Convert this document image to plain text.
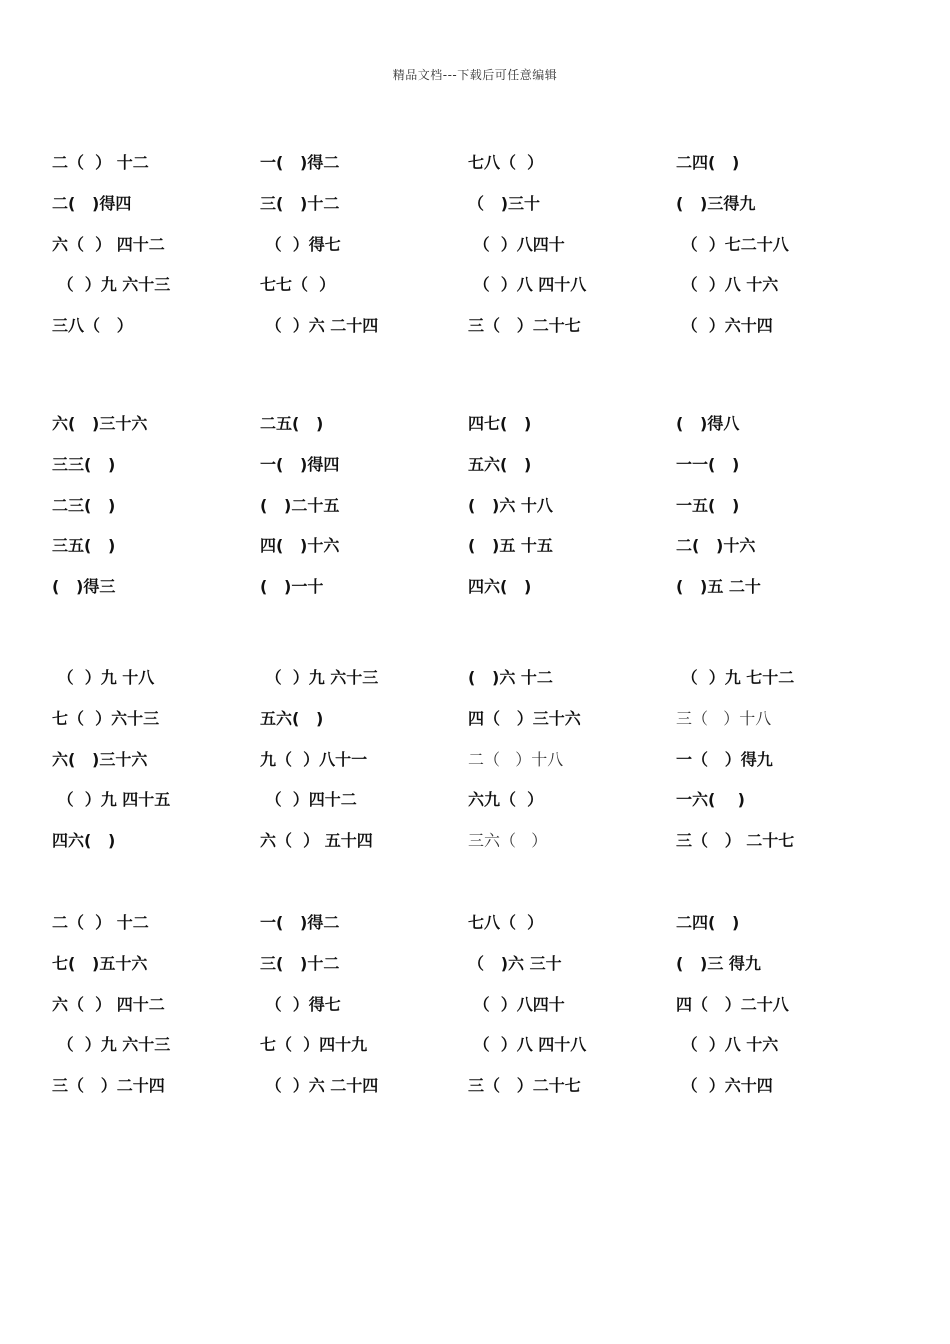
精品文档---下载后可任意编辑
二（  ） 十二	一(   )得二	七八（  ）	二四(   )
二(   )得四	三(   )十二	（   )三十	(   )三得九
六（  ） 四十二	（  ）得七	（  ）八四十	（  ）七二十八
（  ）九 六十三	七七（  ）	（  ）八 四十八	（  ）八 十六
三八（   ）	（  ）六 二十四	三（   ）二十七	（  ）六十四
六(   )三十六	二五(   )	四七(   )	(   )得八
三三(   )	一(   )得四	五六(   )	一一(   )
二三(   )	(   )二十五	(   )六 十八	一五(   )
三五(   )	四(   )十六	(   )五 十五	二(   )十六
(   )得三	(   )一十	四六(   )	(   )五 二十
（  ）九 十八	（  ）九 六十三	(   )六 十二	（  ）九 七十二
七（  ）六十三	五六(   )	四（   ）三十六	三（   ）十八
六(   )三十六	九（  ）八十一	二（   ）十八	一（   ）得九
（  ）九 四十五	（  ）四十二	六九（  ）	一六(    )
四六(   )	六（  ） 五十四	三六（   ）	三（   ） 二十七
二（  ） 十二	一(   )得二	七八（  ）	二四(   )
七(   )五十六	三(   )十二	（   )六 三十	(   )三 得九
六（  ） 四十二	（  ）得七	（  ）八四十	四（   ）二十八
（  ）九 六十三	七（  ）四十九	（  ）八 四十八	（  ）八 十六
三（   ）二十四	（  ）六 二十四	三（   ）二十七	（  ）六十四
